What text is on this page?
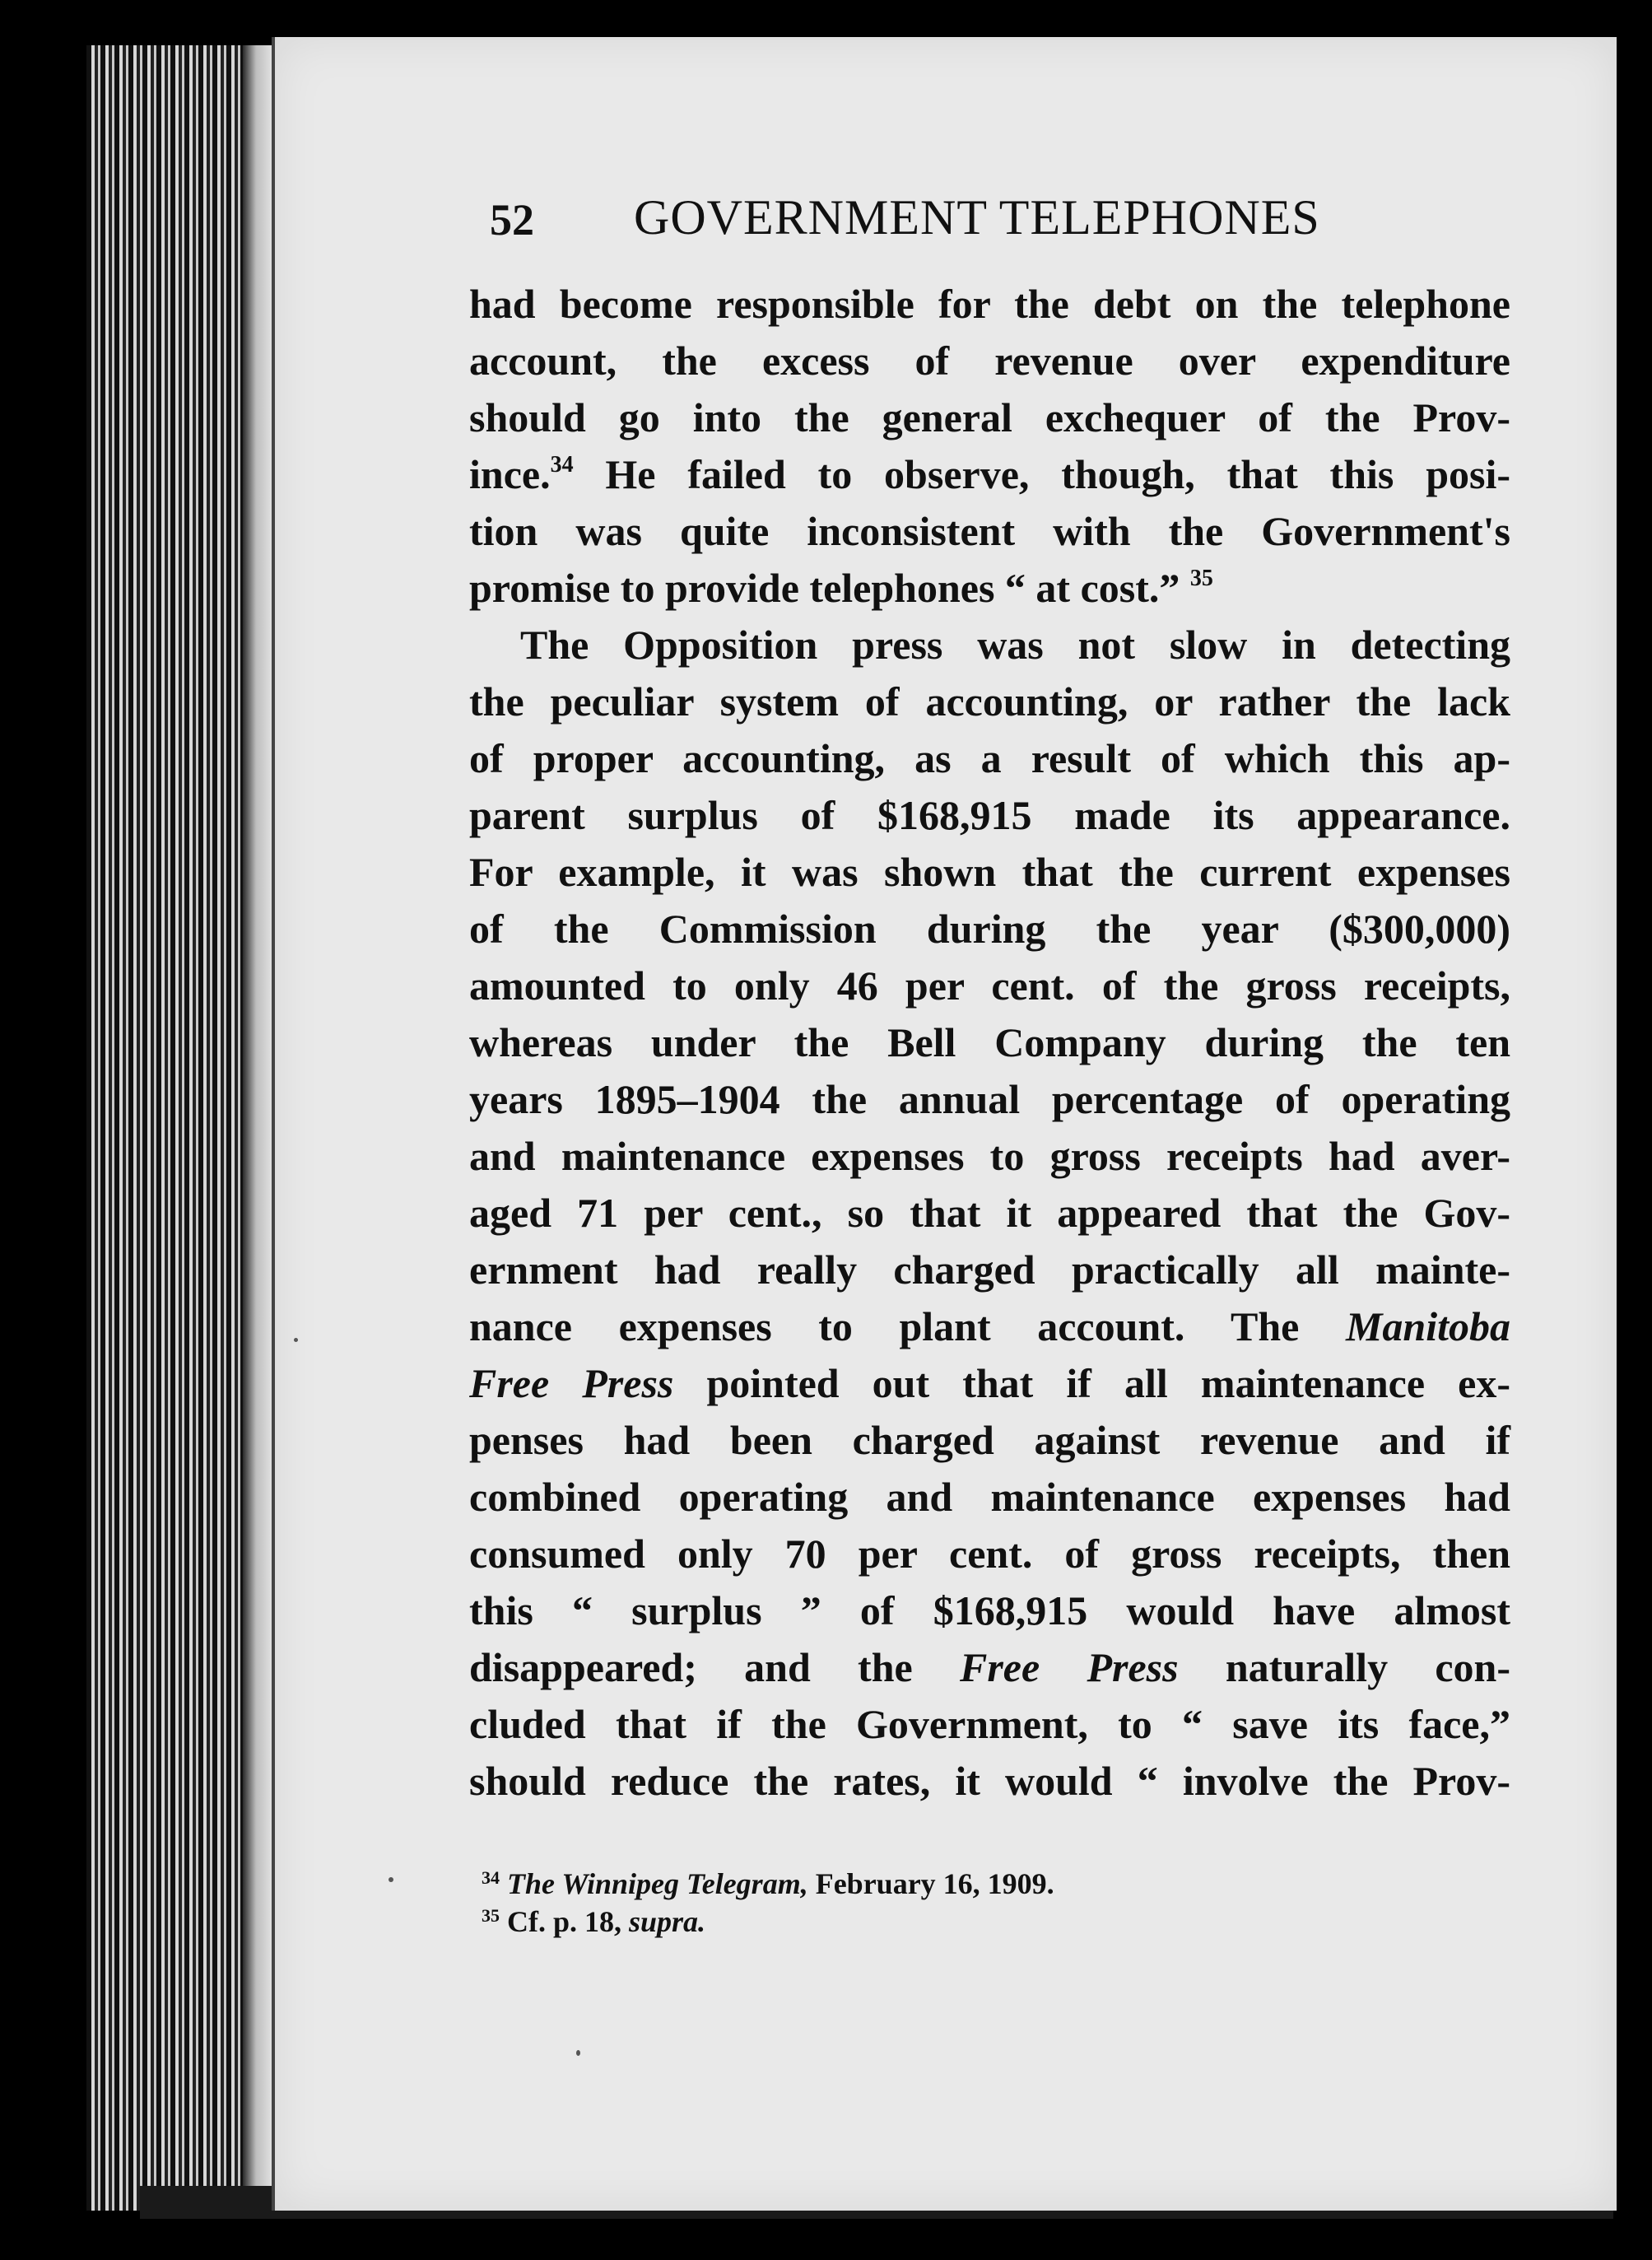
52 GOVERNMENT TELEPHONES
had become responsible for the debt on the telephone
account, the excess of revenue over expenditure
should go into the general exchequer of the Prov-
ince.$^{34}$ He failed to observe, though, that this posi-
tion was quite inconsistent with the Government's
promise to provide telephones “ at cost.” $^{35}$
The Opposition press was not slow in detecting
the peculiar system of accounting, or rather the lack
of proper accounting, as a result of which this ap-
parent surplus of $168,915 made its appearance.
For example, it was shown that the current expenses
of the Commission during the year ($300,000)
amounted to only 46 per cent. of the gross receipts,
whereas under the Bell Company during the ten
years 1895–1904 the annual percentage of operating
and maintenance expenses to gross receipts had aver-
aged 71 per cent., so that it appeared that the Gov-
ernment had really charged practically all mainte-
nance expenses to plant account. The Manitoba
Free Press pointed out that if all maintenance ex-
penses had been charged against revenue and if
combined operating and maintenance expenses had
consumed only 70 per cent. of gross receipts, then
this “ surplus ” of $168,915 would have almost
disappeared; and the Free Press naturally con-
cluded that if the Government, to “ save its face,”
should reduce the rates, it would “ involve the Prov-
$^{34}$ The Winnipeg Telegram, February 16, 1909.
$^{35}$ Cf. p. 18, supra.
